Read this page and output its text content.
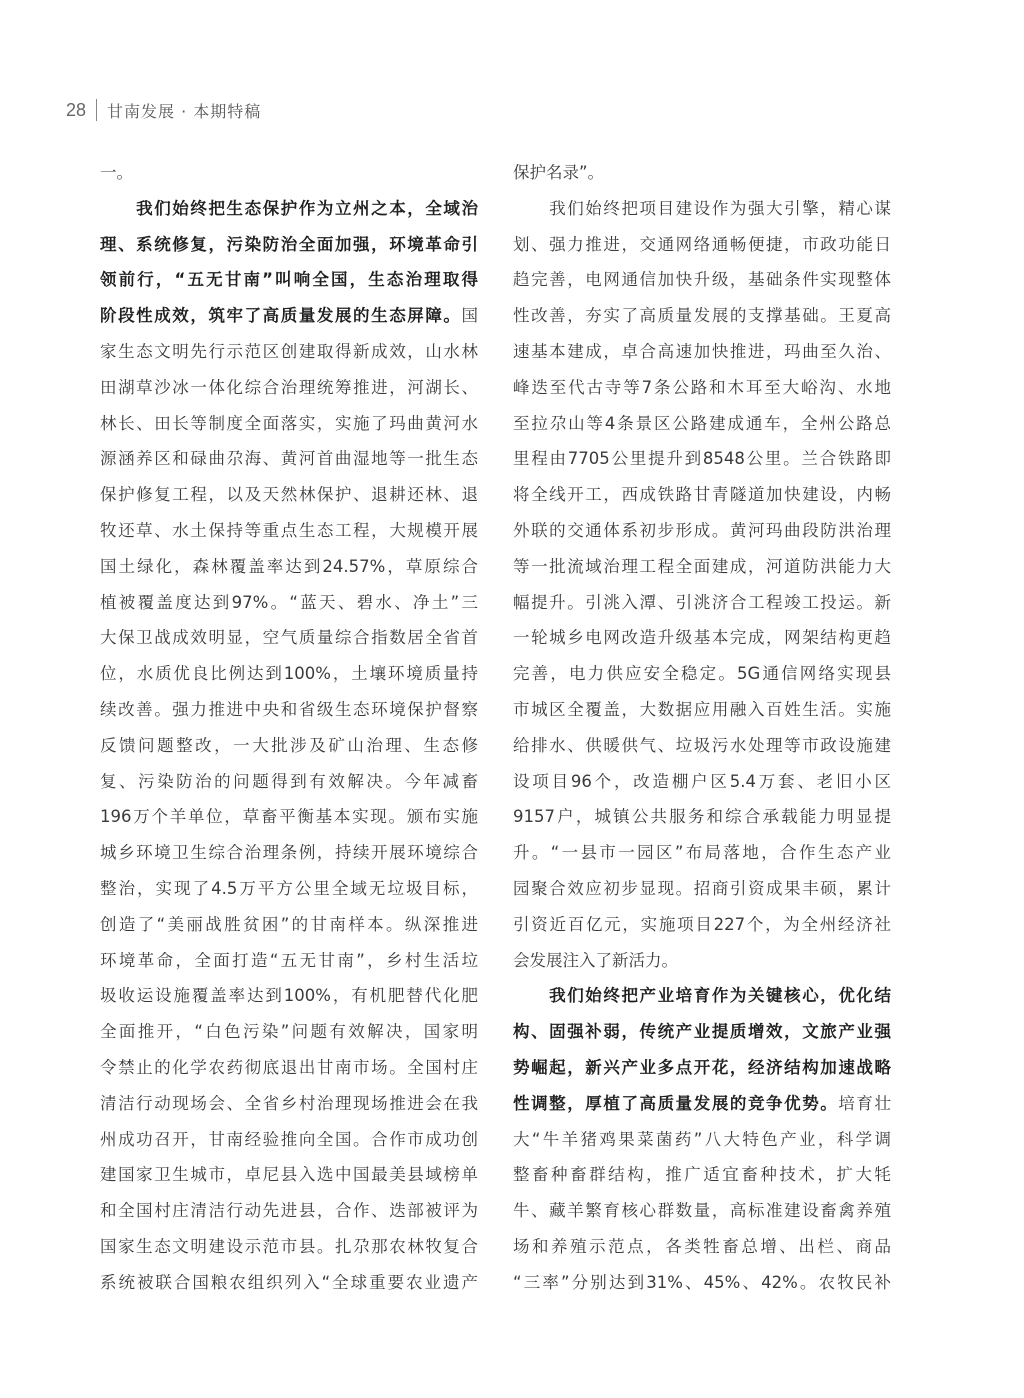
28 甘南发展 · 本期特稿
一。
　　我们始终把生态保护作为立州之本，全域治
理、系统修复，污染防治全面加强，环境革命引
领前行，“五无甘南”叫响全国，生态治理取得
阶段性成效，筑牢了高质量发展的生态屏障。国
家生态文明先行示范区创建取得新成效，山水林
田湖草沙冰一体化综合治理统筹推进，河湖长、
林长、田长等制度全面落实，实施了玛曲黄河水
源涵养区和碌曲尕海、黄河首曲湿地等一批生态
保护修复工程，以及天然林保护、退耕还林、退
牧还草、水土保持等重点生态工程，大规模开展
国土绿化，森林覆盖率达到24.57%，草原综合
植被覆盖度达到97%。“蓝天、碧水、净土”三
大保卫战成效明显，空气质量综合指数居全省首
位，水质优良比例达到100%，土壤环境质量持
续改善。强力推进中央和省级生态环境保护督察
反馈问题整改，一大批涉及矿山治理、生态修
复、污染防治的问题得到有效解决。今年减畜
196万个羊单位，草畜平衡基本实现。颁布实施
城乡环境卫生综合治理条例，持续开展环境综合
整治，实现了4.5万平方公里全域无垃圾目标，
创造了“美丽战胜贫困”的甘南样本。纵深推进
环境革命，全面打造“五无甘南”，乡村生活垃
圾收运设施覆盖率达到100%，有机肥替代化肥
全面推开，“白色污染”问题有效解决，国家明
令禁止的化学农药彻底退出甘南市场。全国村庄
清洁行动现场会、全省乡村治理现场推进会在我
州成功召开，甘南经验推向全国。合作市成功创
建国家卫生城市，卓尼县入选中国最美县域榜单
和全国村庄清洁行动先进县，合作、迭部被评为
国家生态文明建设示范市县。扎尕那农林牧复合
系统被联合国粮农组织列入“全球重要农业遗产
保护名录”。
　　我们始终把项目建设作为强大引擎，精心谋
划、强力推进，交通网络通畅便捷，市政功能日
趋完善，电网通信加快升级，基础条件实现整体
性改善，夯实了高质量发展的支撑基础。王夏高
速基本建成，卓合高速加快推进，玛曲至久治、
峰迭至代古寺等7条公路和木耳至大峪沟、水地
至拉尕山等4条景区公路建成通车，全州公路总
里程由7705公里提升到8548公里。兰合铁路即
将全线开工，西成铁路甘青隧道加快建设，内畅
外联的交通体系初步形成。黄河玛曲段防洪治理
等一批流域治理工程全面建成，河道防洪能力大
幅提升。引洮入潭、引洮济合工程竣工投运。新
一轮城乡电网改造升级基本完成，网架结构更趋
完善，电力供应安全稳定。5G通信网络实现县
市城区全覆盖，大数据应用融入百姓生活。实施
给排水、供暖供气、垃圾污水处理等市政设施建
设项目96个，改造棚户区5.4万套、老旧小区
9157户，城镇公共服务和综合承载能力明显提
升。“一县市一园区”布局落地，合作生态产业
园聚合效应初步显现。招商引资成果丰硕，累计
引资近百亿元，实施项目227个，为全州经济社
会发展注入了新活力。
　　我们始终把产业培育作为关键核心，优化结
构、固强补弱，传统产业提质增效，文旅产业强
势崛起，新兴产业多点开花，经济结构加速战略
性调整，厚植了高质量发展的竞争优势。培育壮
大“牛羊猪鸡果菜菌药”八大特色产业，科学调
整畜种畜群结构，推广适宜畜种技术，扩大牦
牛、藏羊繁育核心群数量，高标准建设畜禽养殖
场和养殖示范点，各类牲畜总增、出栏、商品
“三率”分别达到31%、45%、42%。农牧民补
